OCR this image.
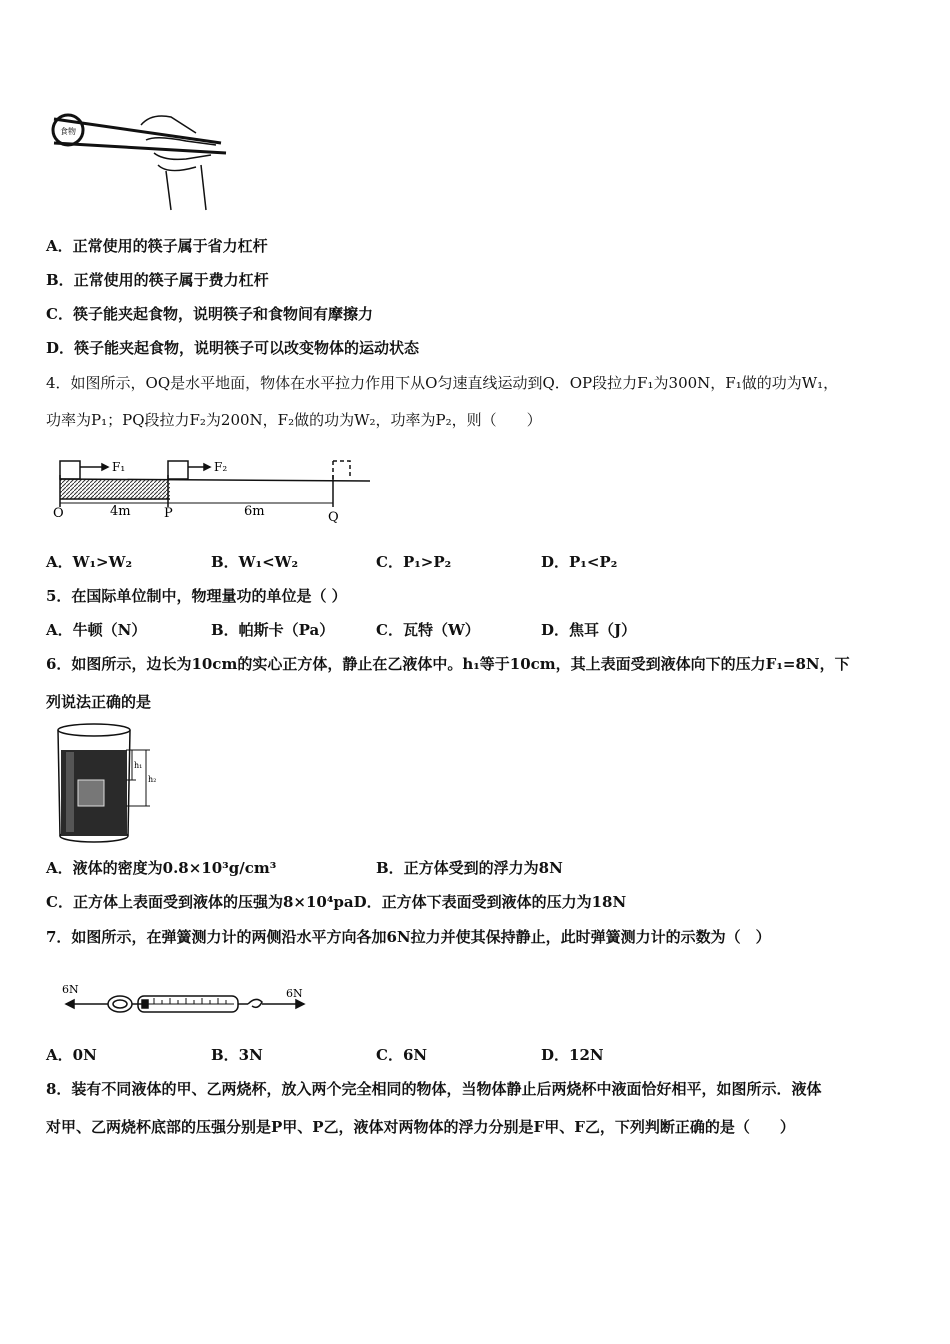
食物
A．正常使用的筷子属于省力杠杆
B．正常使用的筷子属于费力杠杆
C．筷子能夹起食物，说明筷子和食物间有摩擦力
D．筷子能夹起食物，说明筷子可以改变物体的运动状态
4．如图所示，OQ是水平地面，物体在水平拉力作用下从O匀速直线运动到Q．OP段拉力F₁为300N，F₁做的功为W₁，
功率为P₁；PQ段拉力F₂为200N，F₂做的功为W₂，功率为P₂，则（　　）
F₁	F₂
O	4m	P	6m	Q
A．W₁>W₂	B．W₁<W₂	C．P₁>P₂	D．P₁<P₂
5．在国际单位制中，物理量功的单位是（ ）
A．牛顿（N）	B．帕斯卡（Pa）	C．瓦特（W）	D．焦耳（J）
6．如图所示，边长为10cm的实心正方体，静止在乙液体中。h₁等于10cm，其上表面受到液体向下的压力F₁=8N，下
列说法正确的是
h₁
h₂
A．液体的密度为0.8×10³g/cm³	B．正方体受到的浮力为8N
C．正方体上表面受到液体的压强为8×10⁴paD．正方体下表面受到液体的压力为18N
7．如图所示，在弹簧测力计的两侧沿水平方向各加6N拉力并使其保持静止，此时弹簧测力计的示数为（　）
6N	6N
A．0N	B．3N	C．6N	D．12N
8．装有不同液体的甲、乙两烧杯，放入两个完全相同的物体，当物体静止后两烧杯中液面恰好相平，如图所示．液体
对甲、乙两烧杯底部的压强分别是P甲、P乙，液体对两物体的浮力分别是F甲、F乙，下列判断正确的是（　　）
